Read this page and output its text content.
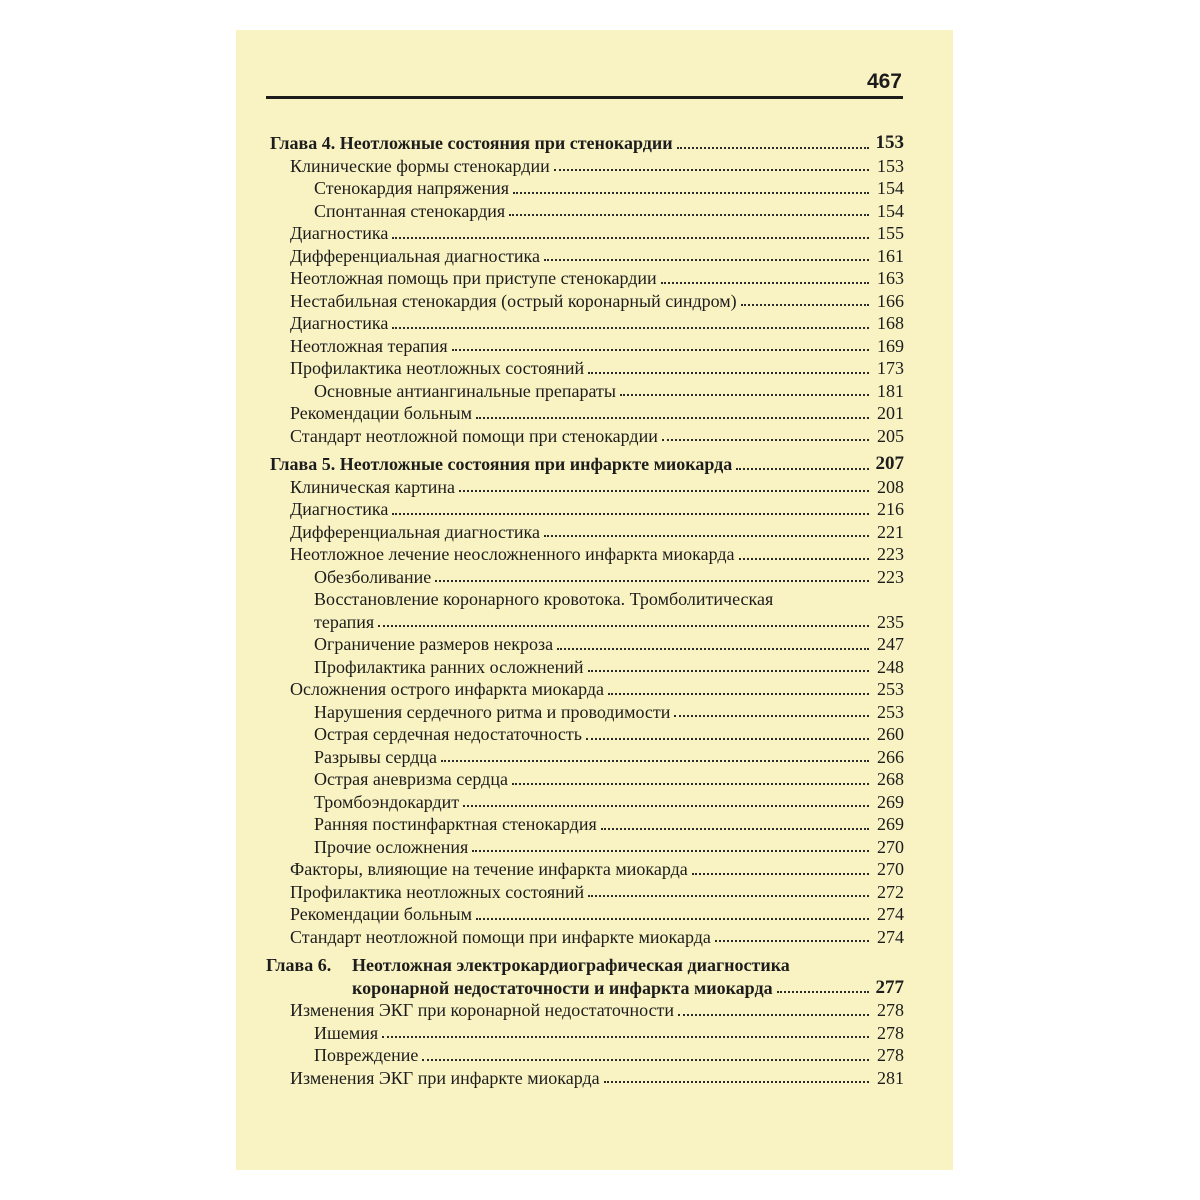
467
Глава 4. Неотложные состояния при стенокардии	153
Клинические формы стенокардии	153
Стенокардия напряжения	154
Спонтанная стенокардия	154
Диагностика	155
Дифференциальная диагностика	161
Неотложная помощь при приступе стенокардии	163
Нестабильная стенокардия (острый коронарный синдром)	166
Диагностика	168
Неотложная терапия	169
Профилактика неотложных состояний	173
Основные антиангинальные препараты	181
Рекомендации больным	201
Стандарт неотложной помощи при стенокардии	205
Глава 5. Неотложные состояния при инфаркте миокарда	207
Клиническая картина	208
Диагностика	216
Дифференциальная диагностика	221
Неотложное лечение неосложненного инфаркта миокарда	223
Обезболивание	223
Восстановление коронарного кровотока. Тромболитическая
терапия	235
Ограничение размеров некроза	247
Профилактика ранних осложнений	248
Осложнения острого инфаркта миокарда	253
Нарушения сердечного ритма и проводимости	253
Острая сердечная недостаточность	260
Разрывы сердца	266
Острая аневризма сердца	268
Тромбоэндокардит	269
Ранняя постинфарктная стенокардия	269
Прочие осложнения	270
Факторы, влияющие на течение инфаркта миокарда	270
Профилактика неотложных состояний	272
Рекомендации больным	274
Стандарт неотложной помощи при инфаркте миокарда	274
Глава 6.	Неотложная электрокардиографическая диагностика
коронарной недостаточности и инфаркта миокарда	277
Изменения ЭКГ при коронарной недостаточности	278
Ишемия	278
Повреждение	278
Изменения ЭКГ при инфаркте миокарда	281
